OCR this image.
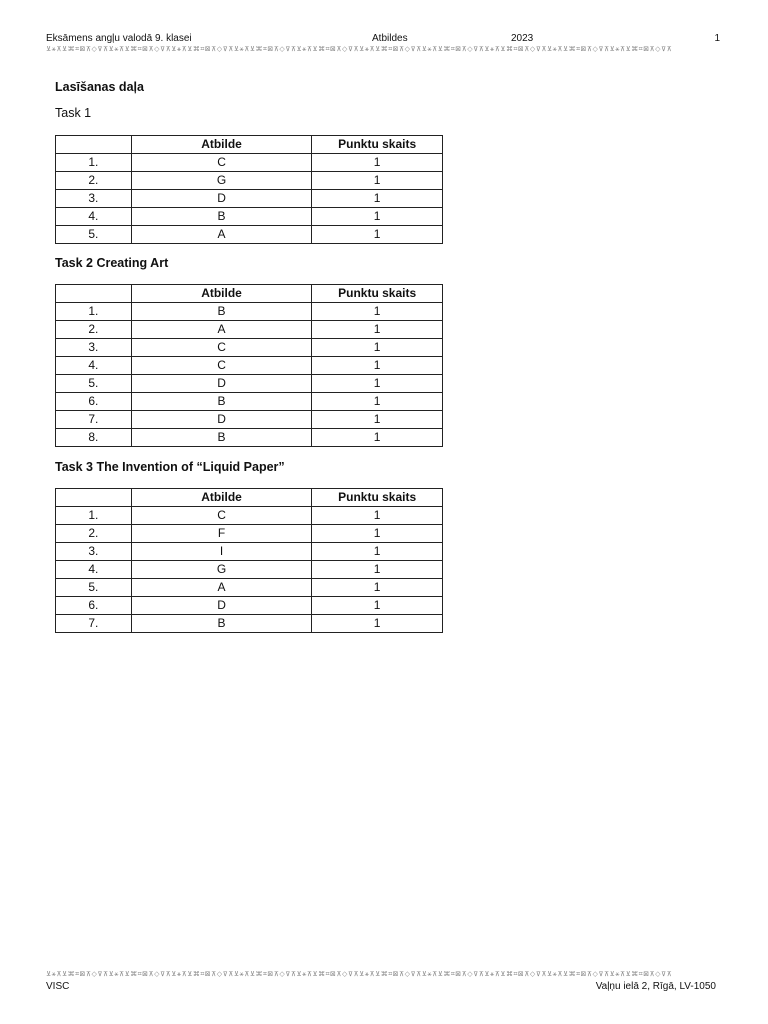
Eksāmens angļu valodā 9. klasei	Atbildes	2023	1
⊻⚹⊼⊻⌘⌗⊠⊼◇⊽⊼⊻⚹⊼⊻⌘⌗⊠⊼◇⊽⊼⊻⚹⊼⊻⌘⌗⊠⊼◇⊽⊼⊻⚹⊼⊻⌘⌗⊠⊼◇⊽⊼⊻⚹⊼⊻⌘⌗⊠⊼◇⊽⊼⊻⚹⊼⊻⌘⌗⊠⊼◇⊽⊼⊻⚹⊼⊻⌘⌗⊠⊼◇⊽⊼⊻⚹⊼⊻⌘⌗⊠⊼◇⊽⊼⊻⚹⊼⊻⌘⌗⊠⊼◇⊽⊼⊻⚹⊼⊻⌘⌗⊠⊼◇⊽⊼
Lasīšanas daļa
Task 1
	Atbilde	Punktu skaits
1.	C	1
2.	G	1
3.	D	1
4.	B	1
5.	A	1
Task 2 Creating Art
	Atbilde	Punktu skaits
1.	B	1
2.	A	1
3.	C	1
4.	C	1
5.	D	1
6.	B	1
7.	D	1
8.	B	1
Task 3 The Invention of “Liquid Paper”
	Atbilde	Punktu skaits
1.	C	1
2.	F	1
3.	I	1
4.	G	1
5.	A	1
6.	D	1
7.	B	1
⊻⚹⊼⊻⌘⌗⊠⊼◇⊽⊼⊻⚹⊼⊻⌘⌗⊠⊼◇⊽⊼⊻⚹⊼⊻⌘⌗⊠⊼◇⊽⊼⊻⚹⊼⊻⌘⌗⊠⊼◇⊽⊼⊻⚹⊼⊻⌘⌗⊠⊼◇⊽⊼⊻⚹⊼⊻⌘⌗⊠⊼◇⊽⊼⊻⚹⊼⊻⌘⌗⊠⊼◇⊽⊼⊻⚹⊼⊻⌘⌗⊠⊼◇⊽⊼⊻⚹⊼⊻⌘⌗⊠⊼◇⊽⊼⊻⚹⊼⊻⌘⌗⊠⊼◇⊽⊼
VISC	Vaļņu ielā 2, Rīgā, LV-1050
